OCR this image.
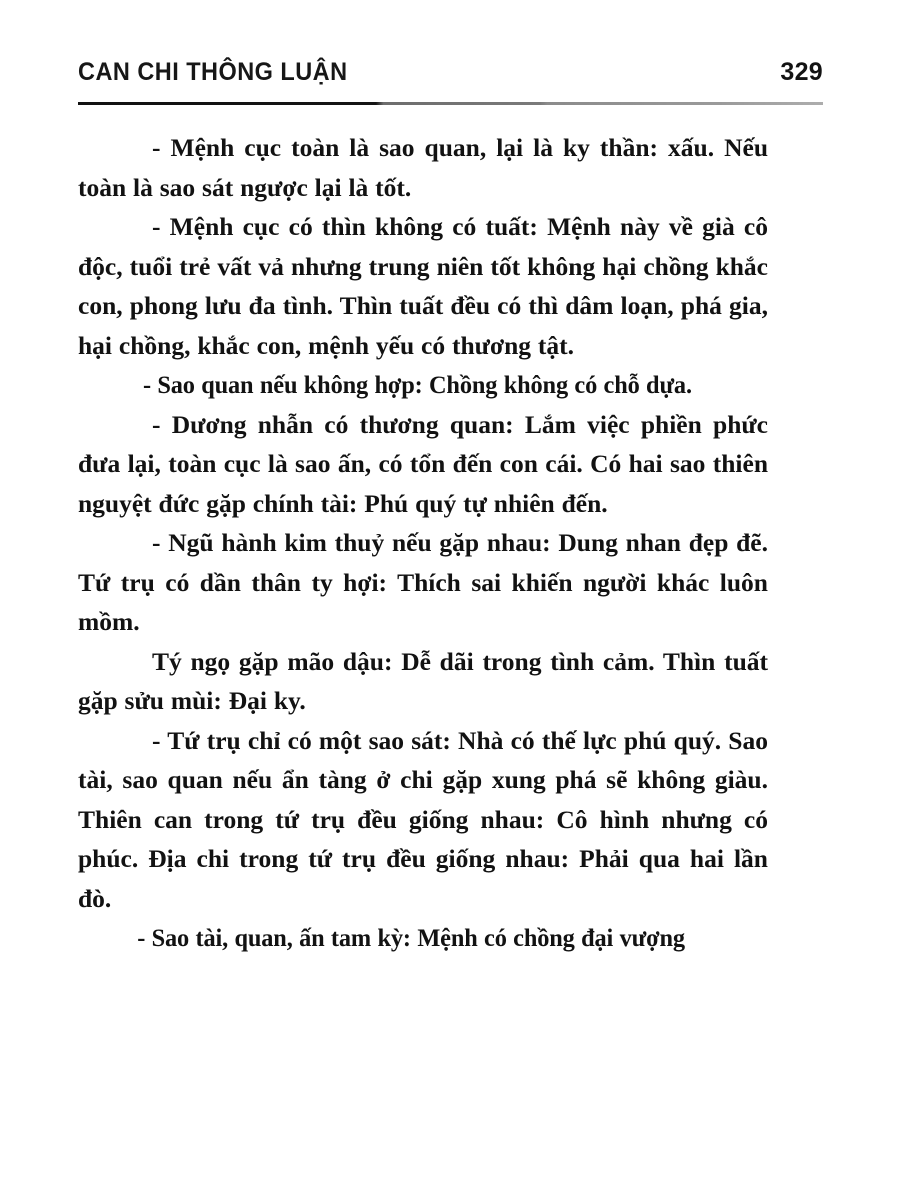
CAN CHI THÔNG LUẬN	329

- Mệnh cục toàn là sao quan, lại là ky thần: xấu. Nếu toàn là sao sát ngược lại là tốt.

- Mệnh cục có thìn không có tuất: Mệnh này về già cô độc, tuổi trẻ vất vả nhưng trung niên tốt không hại chồng khắc con, phong lưu đa tình. Thìn tuất đều có thì dâm loạn, phá gia, hại chồng, khắc con, mệnh yếu có thương tật.

- Sao quan nếu không hợp: Chồng không có chỗ dựa.

- Dương nhẫn có thương quan: Lắm việc phiền phức đưa lại, toàn cục là sao ấn, có tổn đến con cái. Có hai sao thiên nguyệt đức gặp chính tài: Phú quý tự nhiên đến.

- Ngũ hành kim thuỷ nếu gặp nhau: Dung nhan đẹp đẽ. Tứ trụ có dần thân ty hợi: Thích sai khiến người khác luôn mồm.

Tý ngọ gặp mão dậu: Dễ dãi trong tình cảm. Thìn tuất gặp sửu mùi: Đại ky.

- Tứ trụ chỉ có một sao sát: Nhà có thế lực phú quý. Sao tài, sao quan nếu ẩn tàng ở chi gặp xung phá sẽ không giàu. Thiên can trong tứ trụ đều giống nhau: Cô hình nhưng có phúc. Địa chi trong tứ trụ đều giống nhau: Phải qua hai lần đò.

- Sao tài, quan, ấn tam kỳ: Mệnh có chồng đại vượng
